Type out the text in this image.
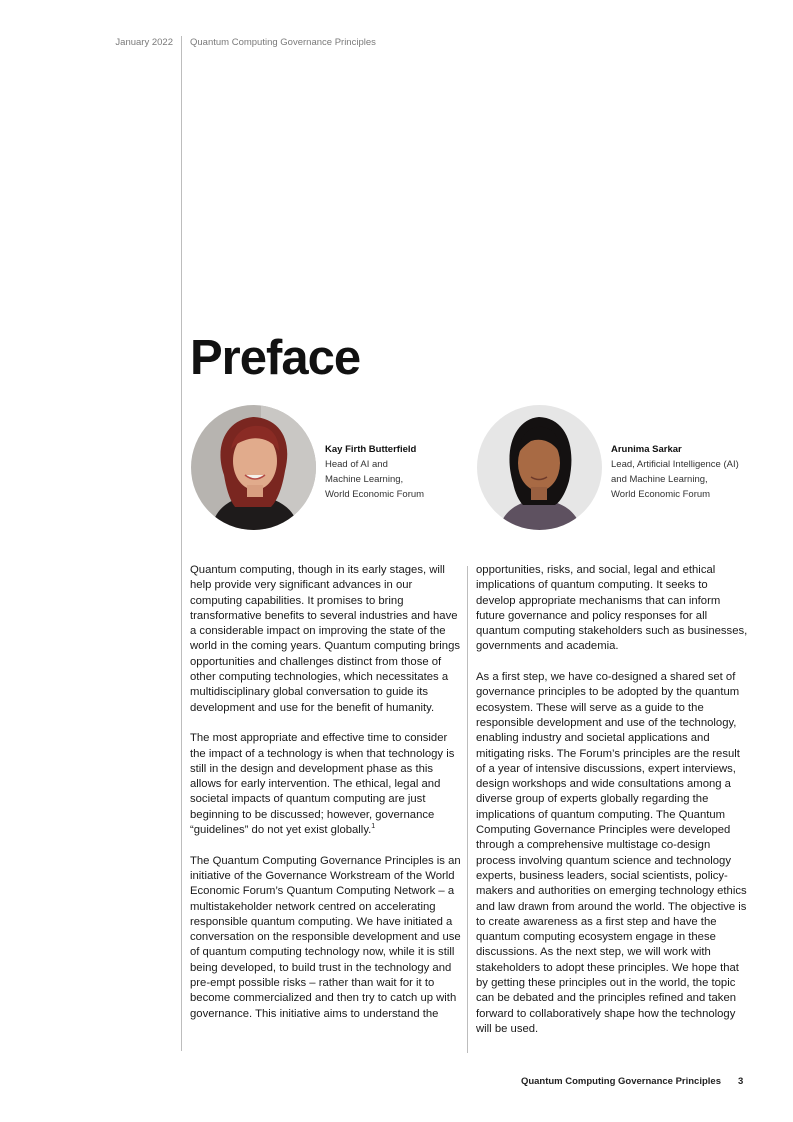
January 2022 Quantum Computing Governance Principles
Preface
Kay Firth Butterfield
Head of AI and
Machine Learning,
World Economic Forum
Arunima Sarkar
Lead, Artificial Intelligence (AI)
and Machine Learning,
World Economic Forum

Quantum computing, though in its early stages, will help provide very significant advances in our computing capabilities. It promises to bring transformative benefits to several industries and have a considerable impact on improving the state of the world in the coming years. Quantum computing brings opportunities and challenges distinct from those of other computing technologies, which necessitates a multidisciplinary global conversation to guide its development and use for the benefit of humanity.

The most appropriate and effective time to consider the impact of a technology is when that technology is still in the design and development phase as this allows for early intervention. The ethical, legal and societal impacts of quantum computing are just beginning to be discussed; however, governance “guidelines” do not yet exist globally.$^1$

The Quantum Computing Governance Principles is an initiative of the Governance Workstream of the World Economic Forum’s Quantum Computing Network – a multistakeholder network centred on accelerating responsible quantum computing. We have initiated a conversation on the responsible development and use of quantum computing technology now, while it is still being developed, to build trust in the technology and pre-empt possible risks – rather than wait for it to become commercialized and then try to catch up with governance. This initiative aims to understand the

opportunities, risks, and social, legal and ethical implications of quantum computing. It seeks to develop appropriate mechanisms that can inform future governance and policy responses for all quantum computing stakeholders such as businesses, governments and academia.

As a first step, we have co-designed a shared set of governance principles to be adopted by the quantum ecosystem. These will serve as a guide to the responsible development and use of the technology, enabling industry and societal applications and mitigating risks. The Forum’s principles are the result of a year of intensive discussions, expert interviews, design workshops and wide consultations among a diverse group of experts globally regarding the implications of quantum computing. The Quantum Computing Governance Principles were developed through a comprehensive multistage co-design process involving quantum science and technology experts, business leaders, social scientists, policy-makers and authorities on emerging technology ethics and law drawn from around the world. The objective is to create awareness as a first step and have the quantum computing ecosystem engage in these discussions. As the next step, we will work with stakeholders to adopt these principles. We hope that by getting these principles out in the world, the topic can be debated and the principles refined and taken forward to collaboratively shape how the technology will be used.

Quantum Computing Governance Principles 3
